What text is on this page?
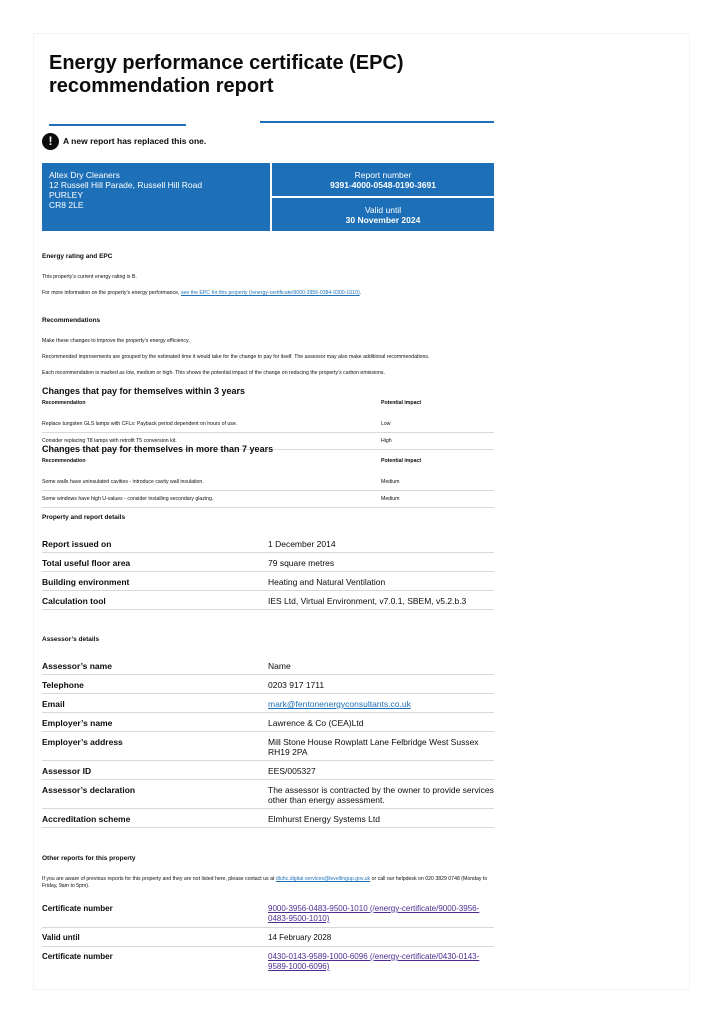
Energy performance certificate (EPC) recommendation report
!	A new report has replaced this one.
Altex Dry Cleaners
12 Russell Hill Parade, Russell Hill Road
PURLEY
CR8 2LE
Report number
9391-4000-0548-0190-3691
Valid until
30 November 2024
Energy rating and EPC
This property’s current energy rating is B.
For more information on the property’s energy performance, see the EPC for this property (/energy-certificate/9000-3956-0384-9300-1010).
Recommendations
Make these changes to improve the property’s energy efficiency.
Recommended improvements are grouped by the estimated time it would take for the change to pay for itself. The assessor may also make additional recommendations.
Each recommendation is marked as low, medium or high. This shows the potential impact of the change on reducing the property’s carbon emissions.
Changes that pay for themselves within 3 years
Recommendation	Potential impact
Replace tungsten GLS lamps with CFLs: Payback period dependent on hours of use.	Low
Consider replacing T8 lamps with retrofit T5 conversion kit.	High
Changes that pay for themselves in more than 7 years
Recommendation	Potential impact
Some walls have uninsulated cavities - introduce cavity wall insulation.	Medium
Some windows have high U-values - consider installing secondary glazing.	Medium
Property and report details
Report issued on	1 December 2014
Total useful floor area	79 square metres
Building environment	Heating and Natural Ventilation
Calculation tool	IES Ltd, Virtual Environment, v7.0.1, SBEM, v5.2.b.3
Assessor’s details
Assessor’s name	Name
Telephone	0203 917 1711
Email	mark@fentonenergyconsultants.co.uk
Employer’s name	Lawrence & Co (CEA)Ltd
Employer’s address	Mill Stone House Rowplatt Lane Felbridge West Sussex RH19 2PA
Assessor ID	EES/005327
Assessor’s declaration	The assessor is contracted by the owner to provide services other than energy assessment.
Accreditation scheme	Elmhurst Energy Systems Ltd
Other reports for this property
If you are aware of previous reports for this property and they are not listed here, please contact us at dluhc.digital-services@levellingup.gov.uk or call our helpdesk on 020 3829 0748 (Monday to Friday, 9am to 5pm).
Certificate number	9000-3956-0483-9500-1010 (/energy-certificate/9000-3956-0483-9500-1010)
Valid until	14 February 2028
Certificate number	0430-0143-9589-1000-6096 (/energy-certificate/0430-0143-9589-1000-6096)
